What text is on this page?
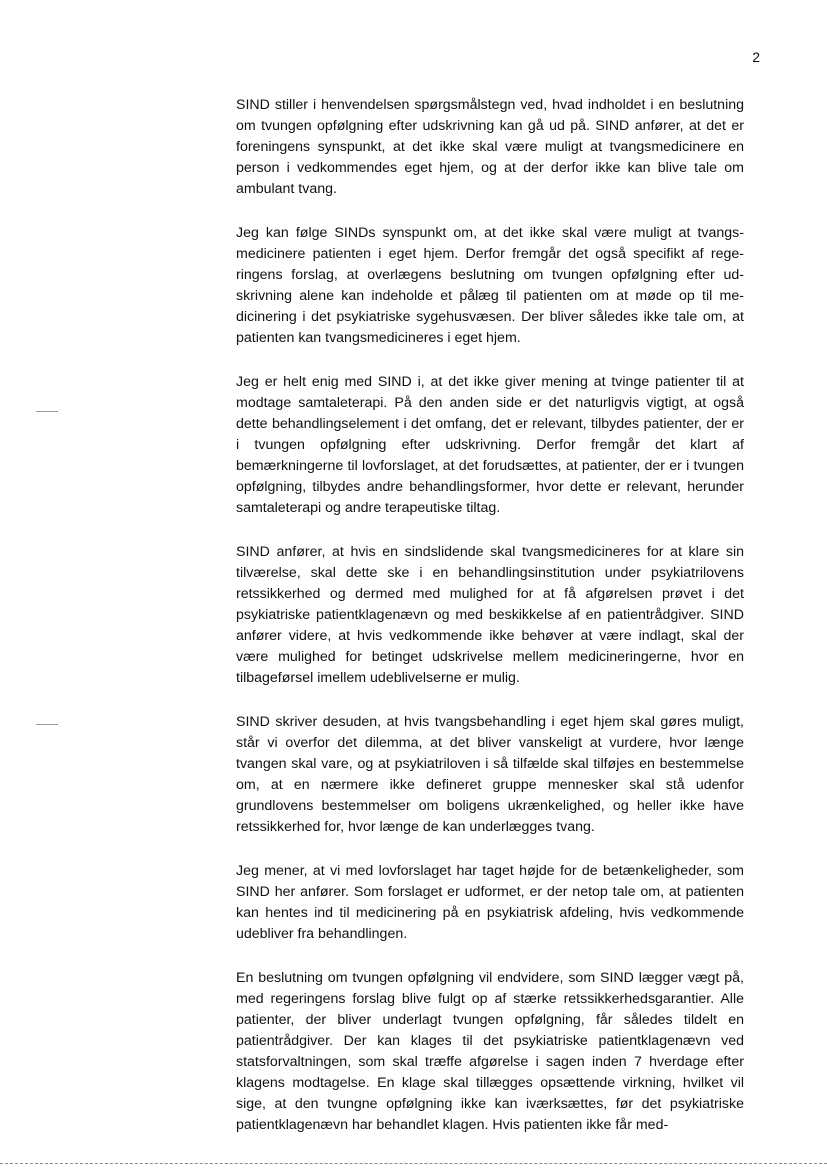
2

SIND stiller i henvendelsen spørgsmålstegn ved, hvad indholdet i en beslutning om tvungen opfølgning efter udskrivning kan gå ud på. SIND anfører, at det er foreningens synspunkt, at det ikke skal være muligt at tvangsmedicinere en person i vedkommendes eget hjem, og at der derfor ikke kan blive tale om ambulant tvang.

Jeg kan følge SINDs synspunkt om, at det ikke skal være muligt at tvangsmedicinere patienten i eget hjem. Derfor fremgår det også specifikt af regeringens forslag, at overlægens beslutning om tvungen opfølgning efter udskrivning alene kan indeholde et pålæg til patienten om at møde op til medicinering i det psykiatriske sygehusvæsen. Der bliver således ikke tale om, at patienten kan tvangsmedicineres i eget hjem.

Jeg er helt enig med SIND i, at det ikke giver mening at tvinge patienter til at modtage samtaleterapi. På den anden side er det naturligvis vigtigt, at også dette behandlingselement i det omfang, det er relevant, tilbydes patienter, der er i tvungen opfølgning efter udskrivning. Derfor fremgår det klart af bemærkningerne til lovforslaget, at det forudsættes, at patienter, der er i tvungen opfølgning, tilbydes andre behandlingsformer, hvor dette er relevant, herunder samtaleterapi og andre terapeutiske tiltag.

SIND anfører, at hvis en sindslidende skal tvangsmedicineres for at klare sin tilværelse, skal dette ske i en behandlingsinstitution under psykiatrilovens retssikkerhed og dermed med mulighed for at få afgørelsen prøvet i det psykiatriske patientklagenævn og med beskikkelse af en patientrådgiver. SIND anfører videre, at hvis vedkommende ikke behøver at være indlagt, skal der være mulighed for betinget udskrivelse mellem medicineringerne, hvor en tilbageførsel imellem udeblivelserne er mulig.

SIND skriver desuden, at hvis tvangsbehandling i eget hjem skal gøres muligt, står vi overfor det dilemma, at det bliver vanskeligt at vurdere, hvor længe tvangen skal vare, og at psykiatriloven i så tilfælde skal tilføjes en bestemmelse om, at en nærmere ikke defineret gruppe mennesker skal stå udenfor grundlovens bestemmelser om boligens ukrænkelighed, og heller ikke have retssikkerhed for, hvor længe de kan underlægges tvang.

Jeg mener, at vi med lovforslaget har taget højde for de betænkeligheder, som SIND her anfører. Som forslaget er udformet, er der netop tale om, at patienten kan hentes ind til medicinering på en psykiatrisk afdeling, hvis vedkommende udebliver fra behandlingen.

En beslutning om tvungen opfølgning vil endvidere, som SIND lægger vægt på, med regeringens forslag blive fulgt op af stærke retssikkerhedsgarantier. Alle patienter, der bliver underlagt tvungen opfølgning, får således tildelt en patientrådgiver. Der kan klages til det psykiatriske patientklagenævn ved statsforvaltningen, som skal træffe afgørelse i sagen inden 7 hverdage efter klagens modtagelse. En klage skal tillægges opsættende virkning, hvilket vil sige, at den tvungne opfølgning ikke kan iværksættes, før det psykiatriske patientklagenævn har behandlet klagen. Hvis patienten ikke får med-
